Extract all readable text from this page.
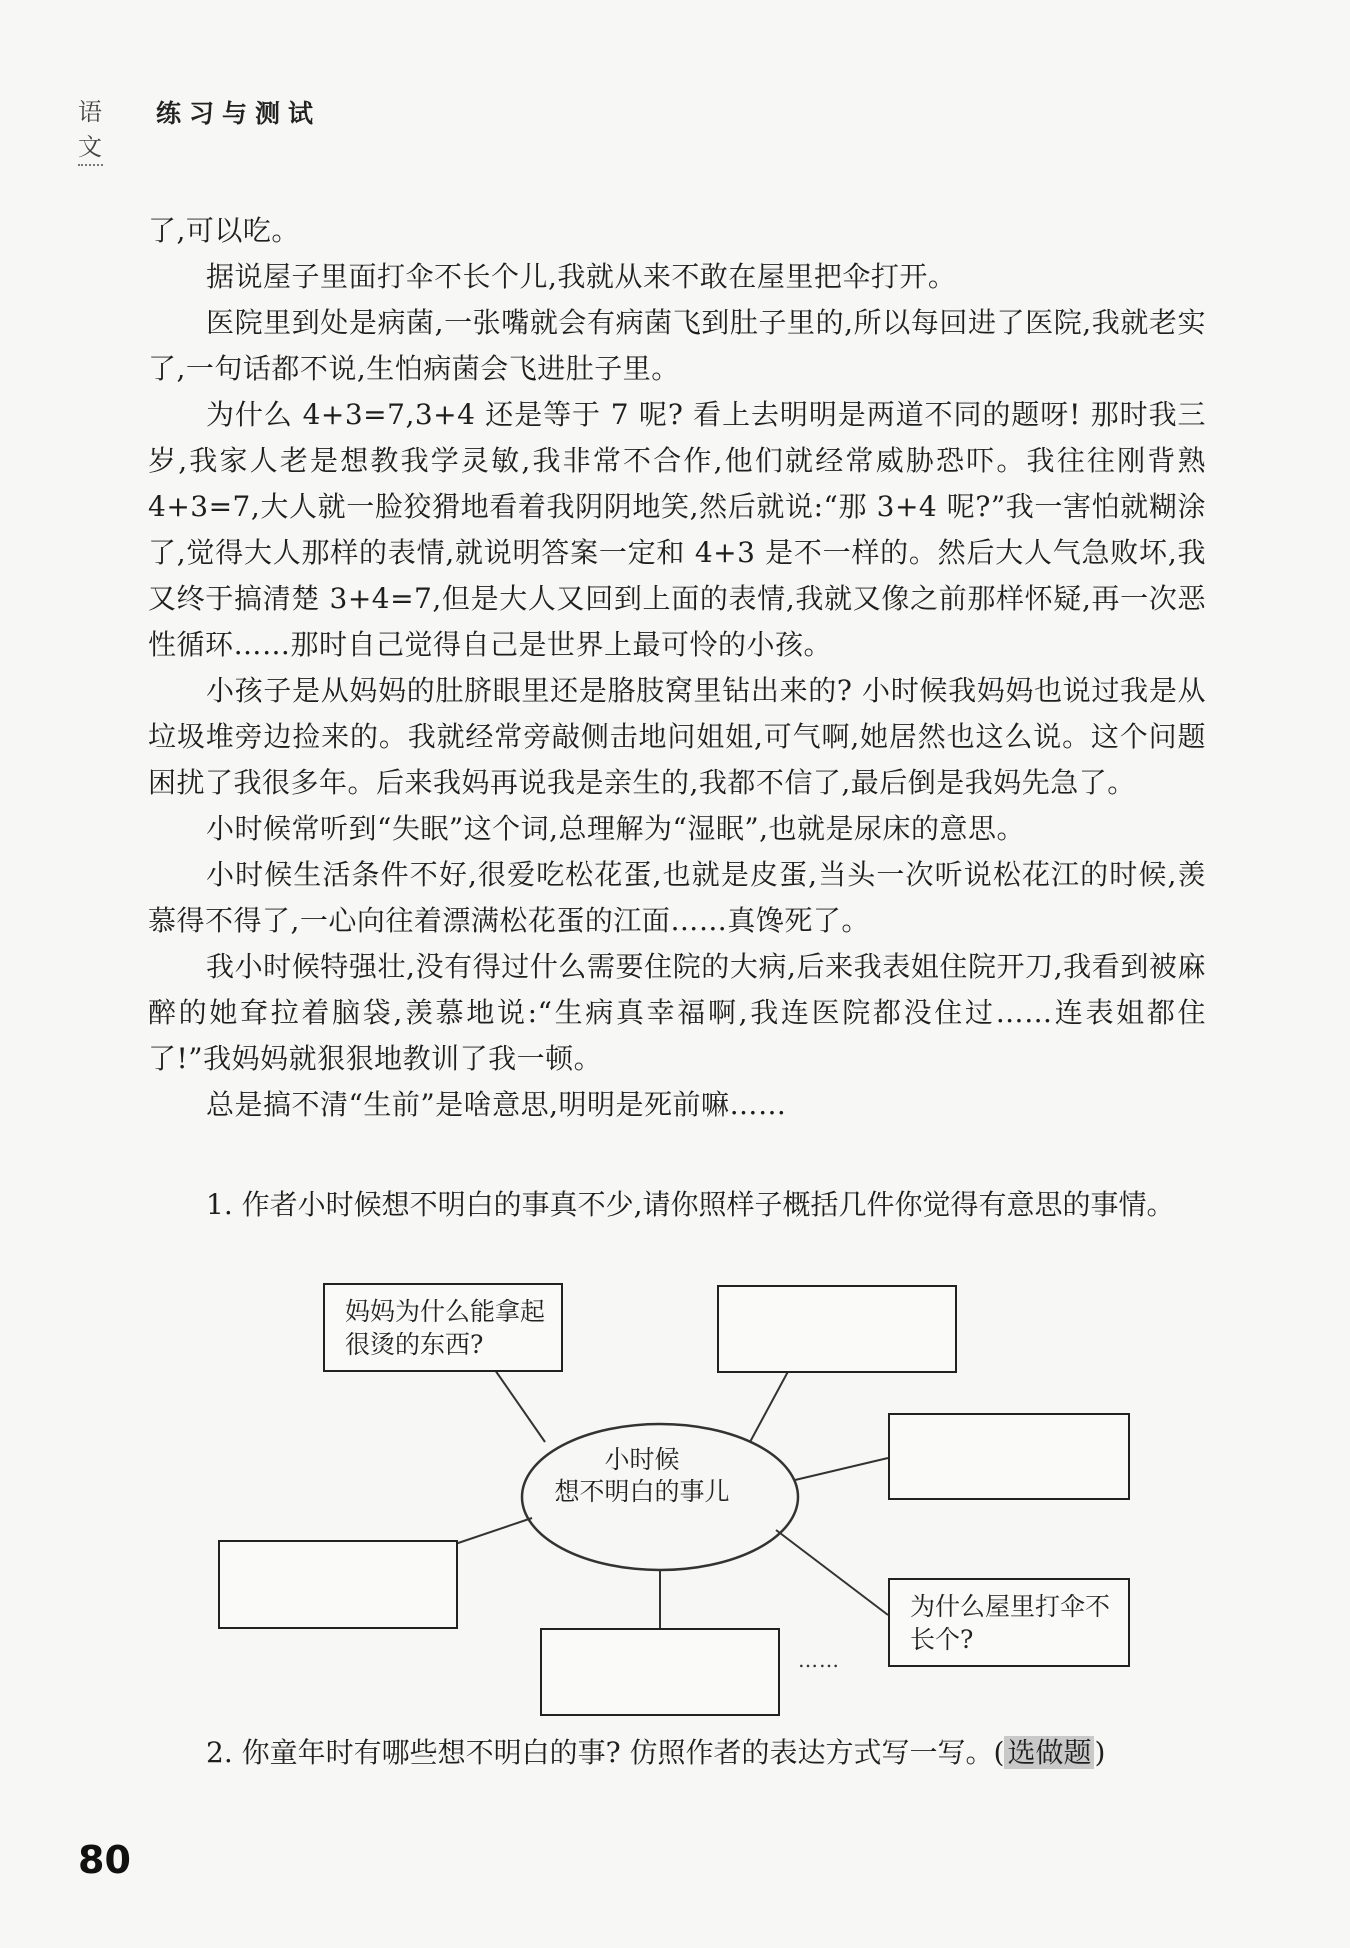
语文
练习与测试

了,可以吃。

据说屋子里面打伞不长个儿,我就从来不敢在屋里把伞打开。

医院里到处是病菌,一张嘴就会有病菌飞到肚子里的,所以每回进了医院,我就老实了,一句话都不说,生怕病菌会飞进肚子里。

为什么 4+3=7,3+4 还是等于 7 呢? 看上去明明是两道不同的题呀! 那时我三岁,我家人老是想教我学灵敏,我非常不合作,他们就经常威胁恐吓。我往往刚背熟 4+3=7,大人就一脸狡猾地看着我阴阴地笑,然后就说:“那 3+4 呢?”我一害怕就糊涂了,觉得大人那样的表情,就说明答案一定和 4+3 是不一样的。然后大人气急败坏,我又终于搞清楚 3+4=7,但是大人又回到上面的表情,我就又像之前那样怀疑,再一次恶性循环……那时自己觉得自己是世界上最可怜的小孩。

小孩子是从妈妈的肚脐眼里还是胳肢窝里钻出来的? 小时候我妈妈也说过我是从垃圾堆旁边捡来的。我就经常旁敲侧击地问姐姐,可气啊,她居然也这么说。这个问题困扰了我很多年。后来我妈再说我是亲生的,我都不信了,最后倒是我妈先急了。

小时候常听到“失眠”这个词,总理解为“湿眠”,也就是尿床的意思。

小时候生活条件不好,很爱吃松花蛋,也就是皮蛋,当头一次听说松花江的时候,羡慕得不得了,一心向往着漂满松花蛋的江面……真馋死了。

我小时候特强壮,没有得过什么需要住院的大病,后来我表姐住院开刀,我看到被麻醉的她耷拉着脑袋,羡慕地说:“生病真幸福啊,我连医院都没住过……连表姐都住了!”我妈妈就狠狠地教训了我一顿。

总是搞不清“生前”是啥意思,明明是死前嘛……

1. 作者小时候想不明白的事真不少,请你照样子概括几件你觉得有意思的事情。
小时候
想不明白的事儿
妈妈为什么能拿起很烫的东西?
为什么屋里打伞不长个?
……
2. 你童年时有哪些想不明白的事? 仿照作者的表达方式写一写。( 选做题 )
80
